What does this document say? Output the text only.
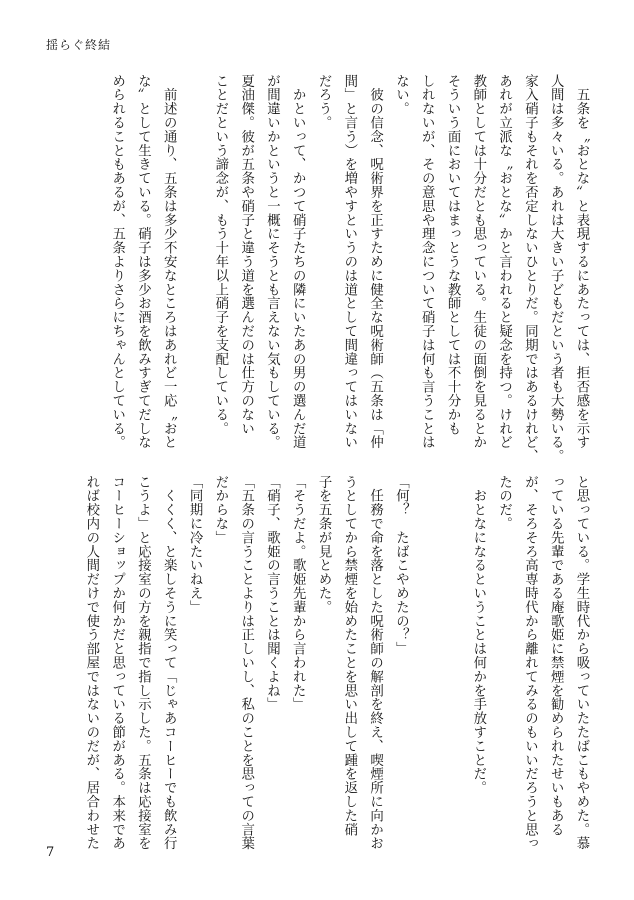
揺らぐ終結
　五条を〝おとな〟と表現するにあたっては、拒否感を示す
人間は多々いる。あれは大きい子どもだという者も大勢いる。
家入硝子もそれを否定しないひとりだ。同期ではあるけれど、
あれが立派な〝おとな〟かと言われると疑念を持つ。けれど
教師としては十分だとも思っている。生徒の面倒を見るとか
そういう面においてはまっとうな教師としては不十分かも
しれないが、その意思や理念について硝子は何も言うことは
ない。
　彼の信念、呪術界を正すために健全な呪術師（五条は「仲
間」と言う）を増やすというのは道として間違ってはいない
だろう。
　かといって、かつて硝子たちの隣にいたあの男の選んだ道
が間違いかというと一概にそうとも言えない気もしている。
夏油傑。彼が五条や硝子と違う道を選んだのは仕方のない
ことだという諦念が、もう十年以上硝子を支配している。

　前述の通り、五条は多少不安なところはあれど一応〝おと
な〟として生きている。硝子は多少お酒を飲みすぎてだしな
められることもあるが、五条よりさらにちゃんとしている。
と思っている。学生時代から吸っていたたばこもやめた。慕
っている先輩である庵歌姫に禁煙を勧められたせいもある
が、そろそろ高専時代から離れてみるのもいいだろうと思っ
たのだ。
　おとなになるということは何かを手放すことだ。

「何？　たばこやめたの？」
　任務で命を落とした呪術師の解剖を終え、喫煙所に向かお
うとしてから禁煙を始めたことを思い出して踵を返した硝
子を五条が見とめた。
「そうだよ。歌姫先輩から言われた」
「硝子、歌姫の言うことは聞くよね」
「五条の言うことよりは正しいし、私のことを思っての言葉
だからな」
「同期に冷たいねえ」
　くくく、と楽しそうに笑って「じゃあコーヒーでも飲み行
こうよ」と応接室の方を親指で指し示した。五条は応接室を
コーヒーショップか何かだと思っている節がある。本来であ
れば校内の人間だけで使う部屋ではないのだが、居合わせた
7
